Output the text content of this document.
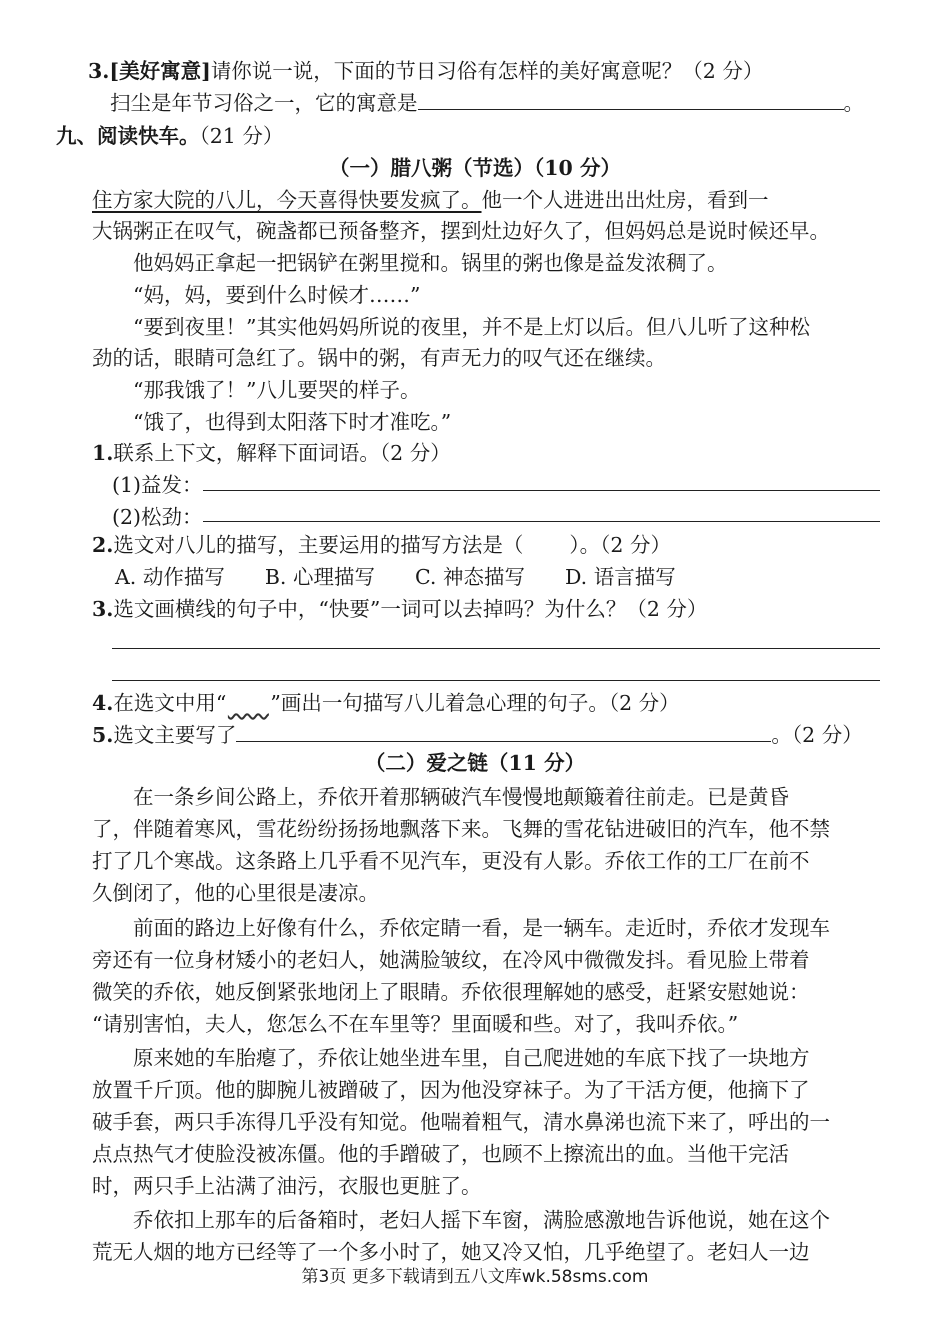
3.[美好寓意]请你说一说，下面的节日习俗有怎样的美好寓意呢？（2 分）
扫尘是年节习俗之一，它的寓意是	。
九、阅读快车。（21 分）
（一）腊八粥（节选）（10 分）
住方家大院的八儿，今天喜得快要发疯了。他一个人进进出出灶房，看到一
大锅粥正在叹气，碗盏都已预备整齐，摆到灶边好久了，但妈妈总是说时候还早。
他妈妈正拿起一把锅铲在粥里搅和。锅里的粥也像是益发浓稠了。
“妈，妈，要到什么时候才……”
“要到夜里！”其实他妈妈所说的夜里，并不是上灯以后。但八儿听了这种松
劲的话，眼睛可急红了。锅中的粥，有声无力的叹气还在继续。
“那我饿了！”八儿要哭的样子。
“饿了，也得到太阳落下时才准吃。”
1.联系上下文，解释下面词语。（2 分）
(1)益发：
(2)松劲：
2.选文对八儿的描写，主要运用的描写方法是（ ）。（2 分）
A. 动作描写 B. 心理描写 C. 神态描写 D. 语言描写
3.选文画横线的句子中，“快要”一词可以去掉吗？为什么？（2 分）
4.在选文中用“   ”画出一句描写八儿着急心理的句子。（2 分）
5.选文主要写了	。（2 分）
（二）爱之链（11 分）
在一条乡间公路上，乔依开着那辆破汽车慢慢地颠簸着往前走。已是黄昏
了，伴随着寒风，雪花纷纷扬扬地飘落下来。飞舞的雪花钻进破旧的汽车，他不禁
打了几个寒战。这条路上几乎看不见汽车，更没有人影。乔依工作的工厂在前不
久倒闭了，他的心里很是凄凉。
前面的路边上好像有什么，乔依定睛一看，是一辆车。走近时，乔依才发现车
旁还有一位身材矮小的老妇人，她满脸皱纹，在冷风中微微发抖。看见脸上带着
微笑的乔依，她反倒紧张地闭上了眼睛。乔依很理解她的感受，赶紧安慰她说：
“请别害怕，夫人，您怎么不在车里等？里面暖和些。对了，我叫乔依。”
原来她的车胎瘪了，乔依让她坐进车里，自己爬进她的车底下找了一块地方
放置千斤顶。他的脚腕儿被蹭破了，因为他没穿袜子。为了干活方便，他摘下了
破手套，两只手冻得几乎没有知觉。他喘着粗气，清水鼻涕也流下来了，呼出的一
点点热气才使脸没被冻僵。他的手蹭破了，也顾不上擦流出的血。当他干完活
时，两只手上沾满了油污，衣服也更脏了。
乔依扣上那车的后备箱时，老妇人摇下车窗，满脸感激地告诉他说，她在这个
荒无人烟的地方已经等了一个多小时了，她又冷又怕，几乎绝望了。老妇人一边
第3页 更多下载请到五八文库wk.58sms.com
